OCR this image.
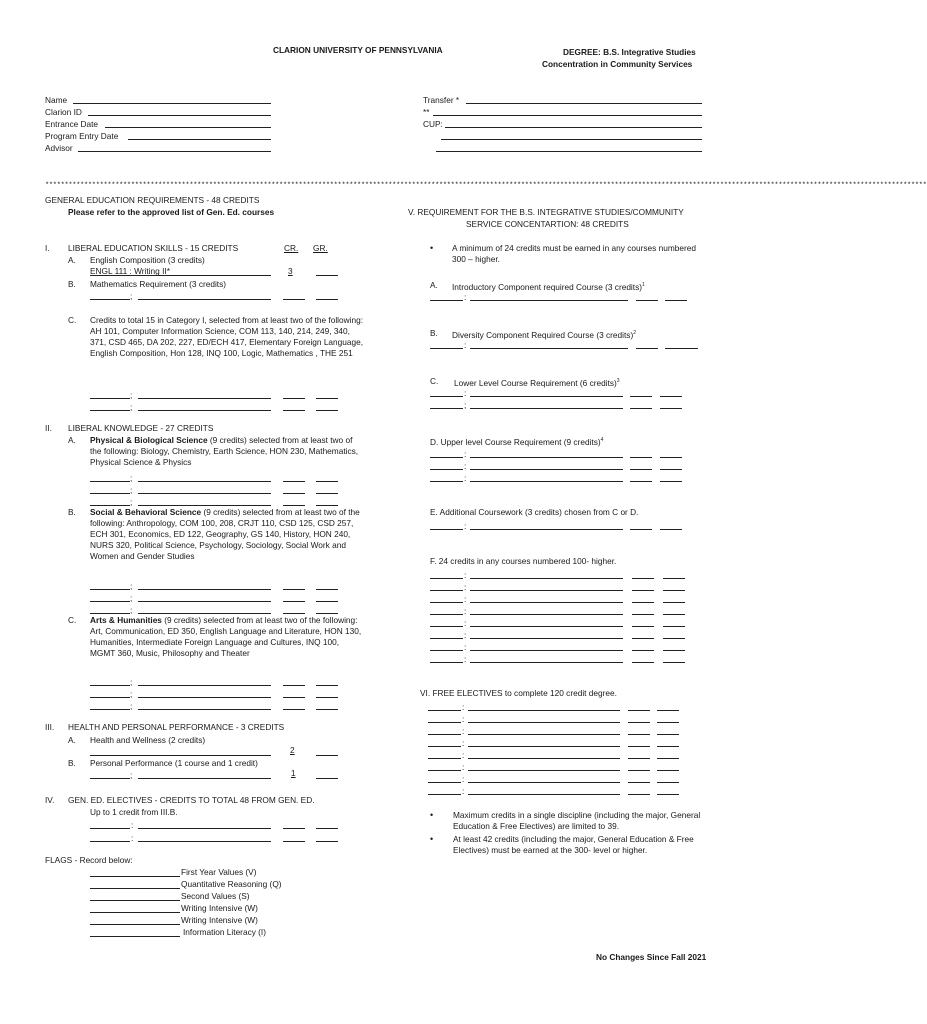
CLARION UNIVERSITY OF PENNSYLVANIA	DEGREE: B.S. Integrative Studies
Concentration in Community Services
Name
Clarion ID
Entrance Date
Program Entry Date
Advisor
Transfer *
**
CUP:
**********************************************************************************************************************************************************************************************************************************
GENERAL EDUCATION REQUIREMENTS - 48 CREDITS
Please refer to the approved list of Gen. Ed. courses
I. LIBERAL EDUCATION SKILLS - 15 CREDITS	CR. GR.
A. English Composition (3 credits)
ENGL 111 : Writing II*	3
B. Mathematics Requirement (3 credits)
;
C. Credits to total 15 in Category I, selected from at least two of the following: AH 101, Computer Information Science, COM 113, 140, 214, 249, 340, 371, CSD 465, DA 202, 227, ED/ECH 417, Elementary Foreign Language, English Composition, Hon 128, INQ 100, Logic, Mathematics , THE 251
;
;
II. LIBERAL KNOWLEDGE - 27 CREDITS
A. Physical & Biological Science (9 credits) selected from at least two of the following: Biology, Chemistry, Earth Science, HON 230, Mathematics, Physical Science & Physics
;
;
;
B. Social & Behavioral Science (9 credits) selected from at least two of the following: Anthropology, COM 100, 208, CRJT 110, CSD 125, CSD 257, ECH 301, Economics, ED 122, Geography, GS 140, History, HON 240, NURS 320, Political Science, Psychology, Sociology, Social Work and Women and Gender Studies
;
;
;
C. Arts & Humanities (9 credits) selected from at least two of the following: Art, Communication, ED 350, English Language and Literature, HON 130, Humanities, Intermediate Foreign Language and Cultures, INQ 100, MGMT 360, Music, Philosophy and Theater
;
;
;
III. HEALTH AND PERSONAL PERFORMANCE - 3 CREDITS
A. Health and Wellness (2 credits)
2
B. Personal Performance (1 course and 1 credit)
;	1
IV. GEN. ED. ELECTIVES - CREDITS TO TOTAL 48 FROM GEN. ED.
Up to 1 credit from III.B.
:
:
FLAGS - Record below:
First Year Values (V)
Quantitative Reasoning (Q)
Second Values (S)
Writing Intensive (W)
Writing Intensive (W)
Information Literacy (I)
V. REQUIREMENT FOR THE B.S. INTEGRATIVE STUDIES/COMMUNITY
SERVICE CONCENTARTION: 48 CREDITS
• A minimum of 24 credits must be earned in any courses numbered 300 – higher.
A. Introductory Component required Course (3 credits)$^1$
:
B. Diversity Component Required Course (3 credits)$^2$
:
C. Lower Level Course Requirement (6 credits)$^3$
:
;
D. Upper level Course Requirement (9 credits)$^4$
:
:
:
E. Additional Coursework (3 credits) chosen from C or D.
:
F. 24 credits in any courses numbered 100- higher.
:
:
:
:
:
:
:
:
VI. FREE ELECTIVES to complete 120 credit degree.
:
:
:
:
:
:
:
:
• Maximum credits in a single discipline (including the major, General Education & Free Electives) are limited to 39.
• At least 42 credits (including the major, General Education & Free Electives) must be earned at the 300- level or higher.
No Changes Since Fall 2021
